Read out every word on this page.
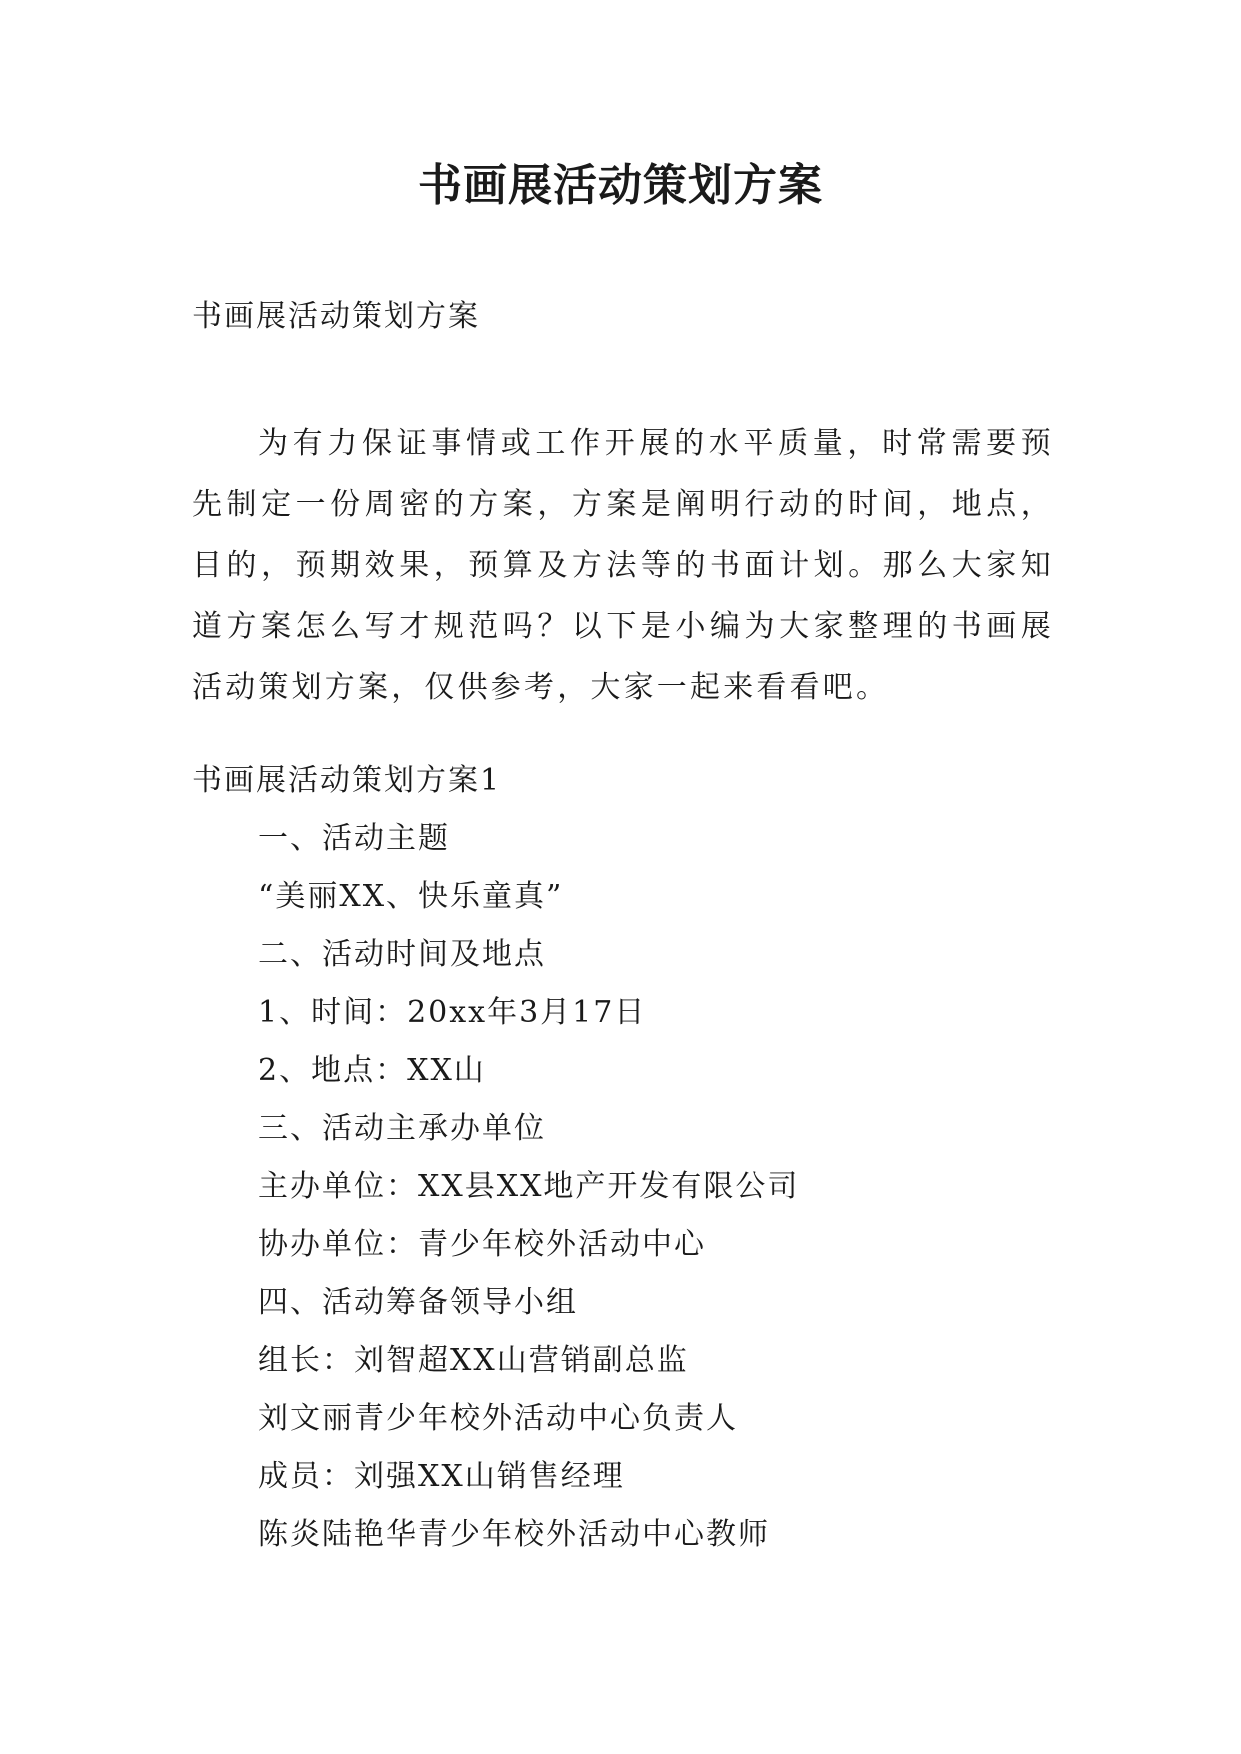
书画展活动策划方案
书画展活动策划方案
为有力保证事情或工作开展的水平质量，时常需要预先制定一份周密的方案，方案是阐明行动的时间，地点，目的，预期效果，预算及方法等的书面计划。那么大家知道方案怎么写才规范吗？以下是小编为大家整理的书画展活动策划方案，仅供参考，大家一起来看看吧。
书画展活动策划方案1
一、活动主题
“美丽XX、快乐童真”
二、活动时间及地点
1、时间：20xx年3月17日
2、地点：XX山
三、活动主承办单位
主办单位：XX县XX地产开发有限公司
协办单位：青少年校外活动中心
四、活动筹备领导小组
组长：刘智超XX山营销副总监
刘文丽青少年校外活动中心负责人
成员：刘强XX山销售经理
陈炎陆艳华青少年校外活动中心教师
